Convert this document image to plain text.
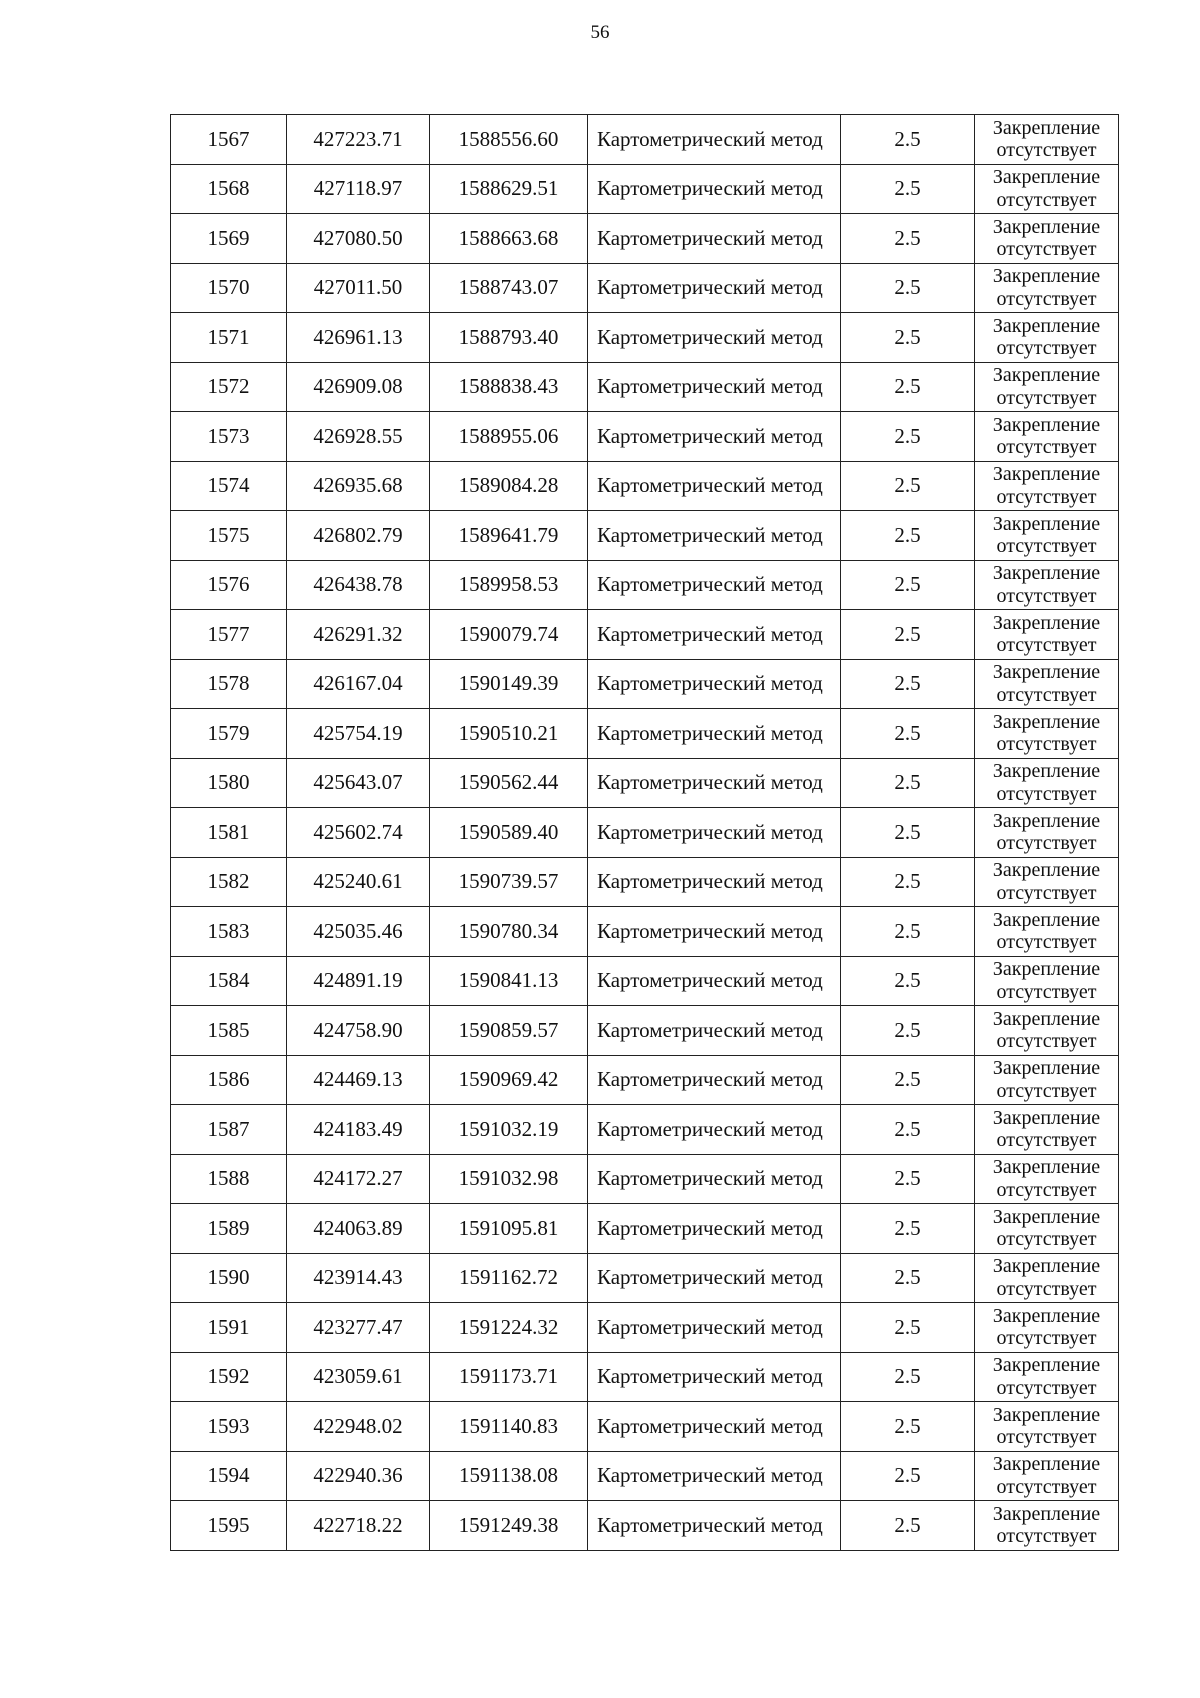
56
1567	427223.71	1588556.60	Картометрический метод	2.5	Закрепление
отсутствует

1568	427118.97	1588629.51	Картометрический метод	2.5	Закрепление
отсутствует

1569	427080.50	1588663.68	Картометрический метод	2.5	Закрепление
отсутствует

1570	427011.50	1588743.07	Картометрический метод	2.5	Закрепление
отсутствует

1571	426961.13	1588793.40	Картометрический метод	2.5	Закрепление
отсутствует

1572	426909.08	1588838.43	Картометрический метод	2.5	Закрепление
отсутствует

1573	426928.55	1588955.06	Картометрический метод	2.5	Закрепление
отсутствует

1574	426935.68	1589084.28	Картометрический метод	2.5	Закрепление
отсутствует

1575	426802.79	1589641.79	Картометрический метод	2.5	Закрепление
отсутствует

1576	426438.78	1589958.53	Картометрический метод	2.5	Закрепление
отсутствует

1577	426291.32	1590079.74	Картометрический метод	2.5	Закрепление
отсутствует

1578	426167.04	1590149.39	Картометрический метод	2.5	Закрепление
отсутствует

1579	425754.19	1590510.21	Картометрический метод	2.5	Закрепление
отсутствует

1580	425643.07	1590562.44	Картометрический метод	2.5	Закрепление
отсутствует

1581	425602.74	1590589.40	Картометрический метод	2.5	Закрепление
отсутствует

1582	425240.61	1590739.57	Картометрический метод	2.5	Закрепление
отсутствует

1583	425035.46	1590780.34	Картометрический метод	2.5	Закрепление
отсутствует

1584	424891.19	1590841.13	Картометрический метод	2.5	Закрепление
отсутствует

1585	424758.90	1590859.57	Картометрический метод	2.5	Закрепление
отсутствует

1586	424469.13	1590969.42	Картометрический метод	2.5	Закрепление
отсутствует

1587	424183.49	1591032.19	Картометрический метод	2.5	Закрепление
отсутствует

1588	424172.27	1591032.98	Картометрический метод	2.5	Закрепление
отсутствует

1589	424063.89	1591095.81	Картометрический метод	2.5	Закрепление
отсутствует

1590	423914.43	1591162.72	Картометрический метод	2.5	Закрепление
отсутствует

1591	423277.47	1591224.32	Картометрический метод	2.5	Закрепление
отсутствует

1592	423059.61	1591173.71	Картометрический метод	2.5	Закрепление
отсутствует

1593	422948.02	1591140.83	Картометрический метод	2.5	Закрепление
отсутствует

1594	422940.36	1591138.08	Картометрический метод	2.5	Закрепление
отсутствует

1595	422718.22	1591249.38	Картометрический метод	2.5	Закрепление
отсутствует
